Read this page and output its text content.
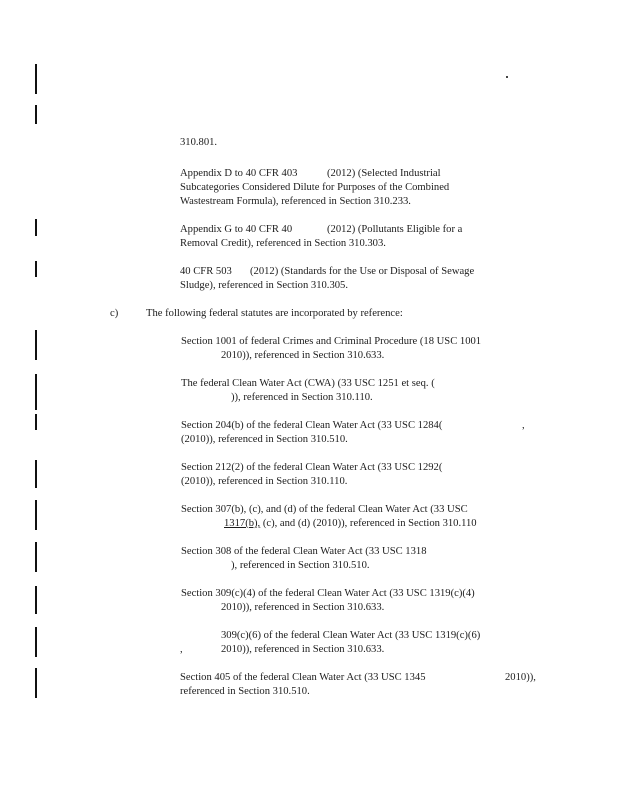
310.801.
Appendix D to 40 CFR 403	(2012) (Selected Industrial
Subcategories Considered Dilute for Purposes of the Combined
Wastestream Formula), referenced in Section 310.233.
Appendix G to 40 CFR 40	(2012) (Pollutants Eligible for a
Removal Credit), referenced in Section 310.303.
40 CFR 503 (2012) (Standards for the Use or Disposal of Sewage
Sludge), referenced in Section 310.305.
c)	The following federal statutes are incorporated by reference:
Section 1001 of federal Crimes and Criminal Procedure (18 USC 1001
2010)), referenced in Section 310.633.
The federal Clean Water Act (CWA) (33 USC 1251 et seq. (
)), referenced in Section 310.110.
Section 204(b) of the federal Clean Water Act (33 USC 1284(	,
(2010)), referenced in Section 310.510.
Section 212(2) of the federal Clean Water Act (33 USC 1292(
(2010)), referenced in Section 310.110.
Section 307(b), (c), and (d) of the federal Clean Water Act (33 USC
1317(b), (c), and (d) (2010)), referenced in Section 310.110
Section 308 of the federal Clean Water Act (33 USC 1318
), referenced in Section 310.510.
Section 309(c)(4) of the federal Clean Water Act (33 USC 1319(c)(4)
2010)), referenced in Section 310.633.
309(c)(6) of the federal Clean Water Act (33 USC 1319(c)(6)
,	2010)), referenced in Section 310.633.
Section 405 of the federal Clean Water Act (33 USC 1345	2010)),
referenced in Section 310.510.
